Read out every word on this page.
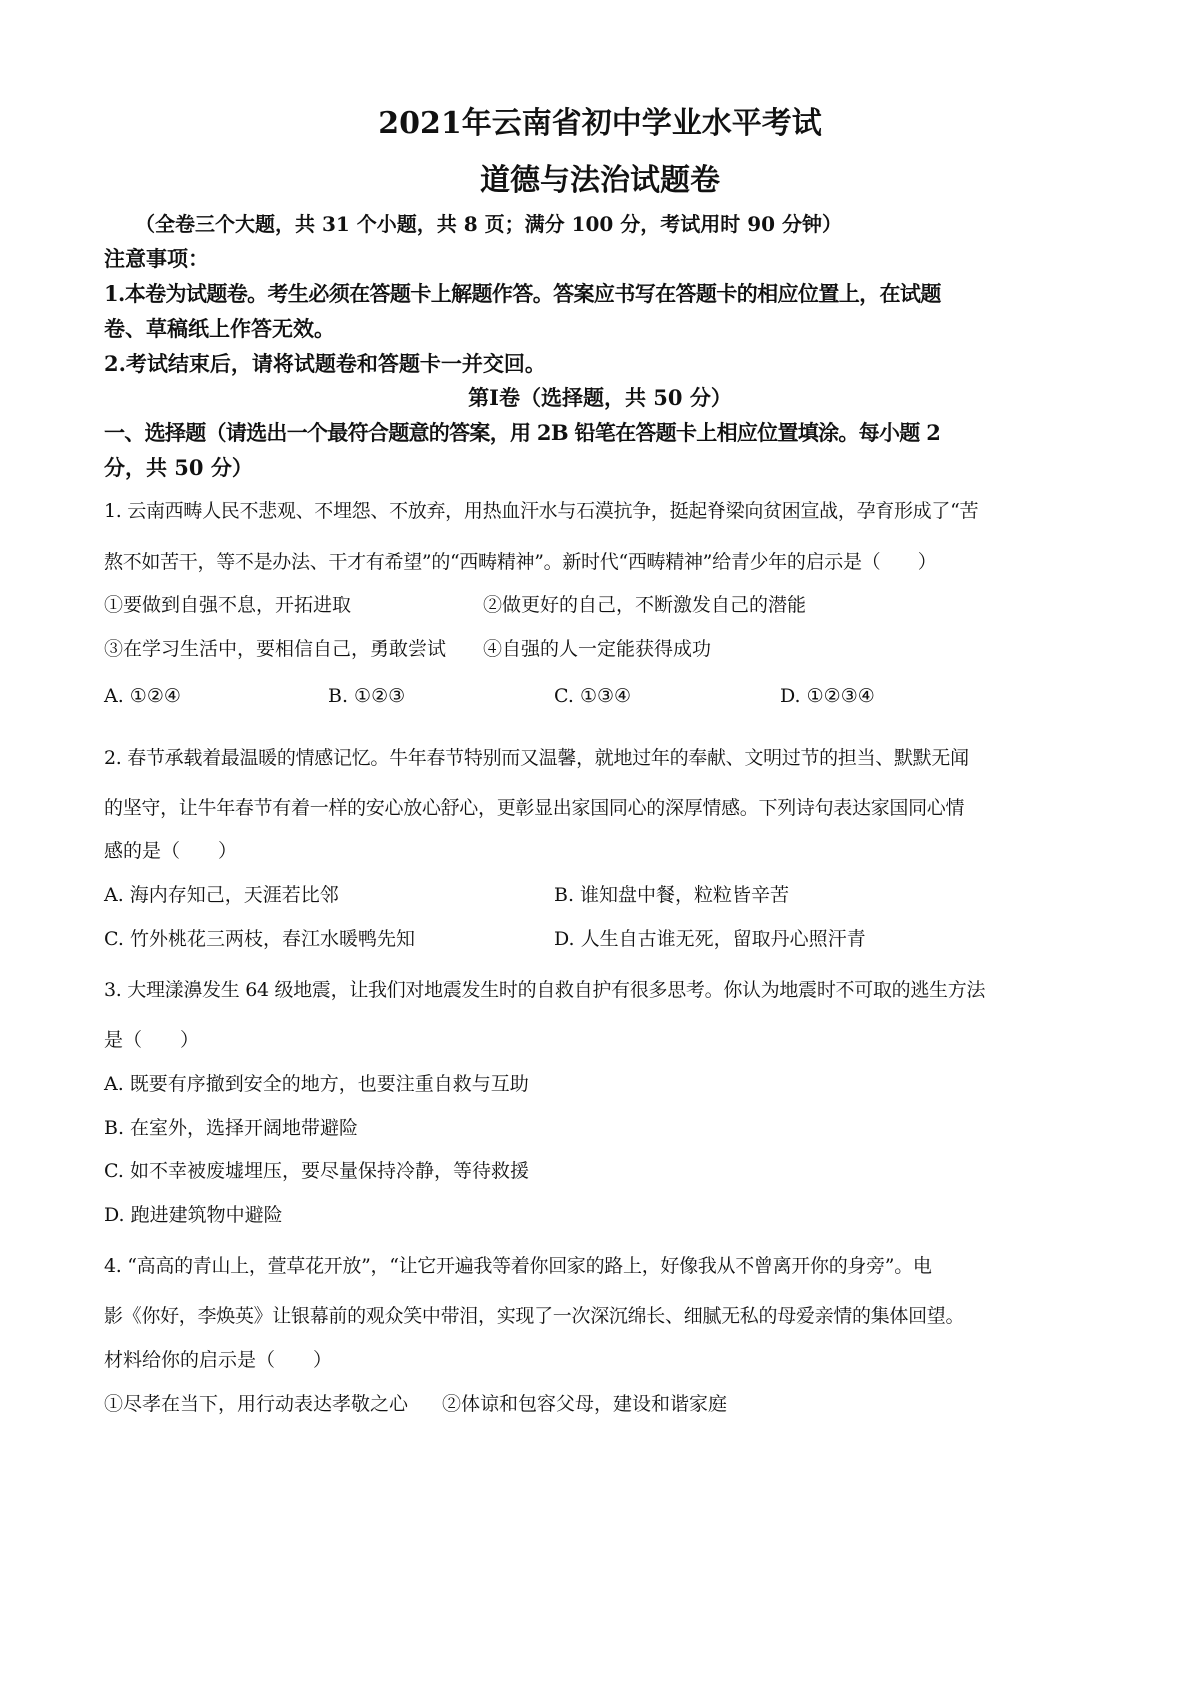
2021年云南省初中学业水平考试
道德与法治试题卷
（全卷三个大题，共 31 个小题，共 8 页；满分 100 分，考试用时 90 分钟）
注意事项：
1.本卷为试题卷。考生必须在答题卡上解题作答。答案应书写在答题卡的相应位置上，在试题
卷、草稿纸上作答无效。
2.考试结束后，请将试题卷和答题卡一并交回。
第Ⅰ卷（选择题，共 50 分）
一、选择题（请选出一个最符合题意的答案，用 2B 铅笔在答题卡上相应位置填涂。每小题 2
分，共 50 分）
1. 云南西畴人民不悲观、不埋怨、不放弃，用热血汗水与石漠抗争，挺起脊梁向贫困宣战，孕育形成了“苦
熬不如苦干，等不是办法、干才有希望”的“西畴精神”。新时代“西畴精神”给青少年的启示是（　　）
①要做到自强不息，开拓进取	②做更好的自己，不断激发自己的潜能
③在学习生活中，要相信自己，勇敢尝试 ④自强的人一定能获得成功
A. ①②④	B. ①②③	C. ①③④	D. ①②③④
2. 春节承载着最温暖的情感记忆。牛年春节特别而又温馨，就地过年的奉献、文明过节的担当、默默无闻
的坚守，让牛年春节有着一样的安心放心舒心，更彰显出家国同心的深厚情感。下列诗句表达家国同心情
感的是（　　）
A. 海内存知己，天涯若比邻	B. 谁知盘中餐，粒粒皆辛苦
C. 竹外桃花三两枝，春江水暖鸭先知	D. 人生自古谁无死，留取丹心照汗青
3. 大理漾濞发生 64 级地震，让我们对地震发生时的自救自护有很多思考。你认为地震时不可取的逃生方法
是（　　）
A. 既要有序撤到安全的地方，也要注重自救与互助
B. 在室外，选择开阔地带避险
C. 如不幸被废墟埋压，要尽量保持冷静，等待救援
D. 跑进建筑物中避险
4. “高高的青山上，萱草花开放”，“让它开遍我等着你回家的路上，好像我从不曾离开你的身旁”。电
影《你好，李焕英》让银幕前的观众笑中带泪，实现了一次深沉绵长、细腻无私的母爱亲情的集体回望。
材料给你的启示是（　　）
①尽孝在当下，用行动表达孝敬之心 ②体谅和包容父母，建设和谐家庭
